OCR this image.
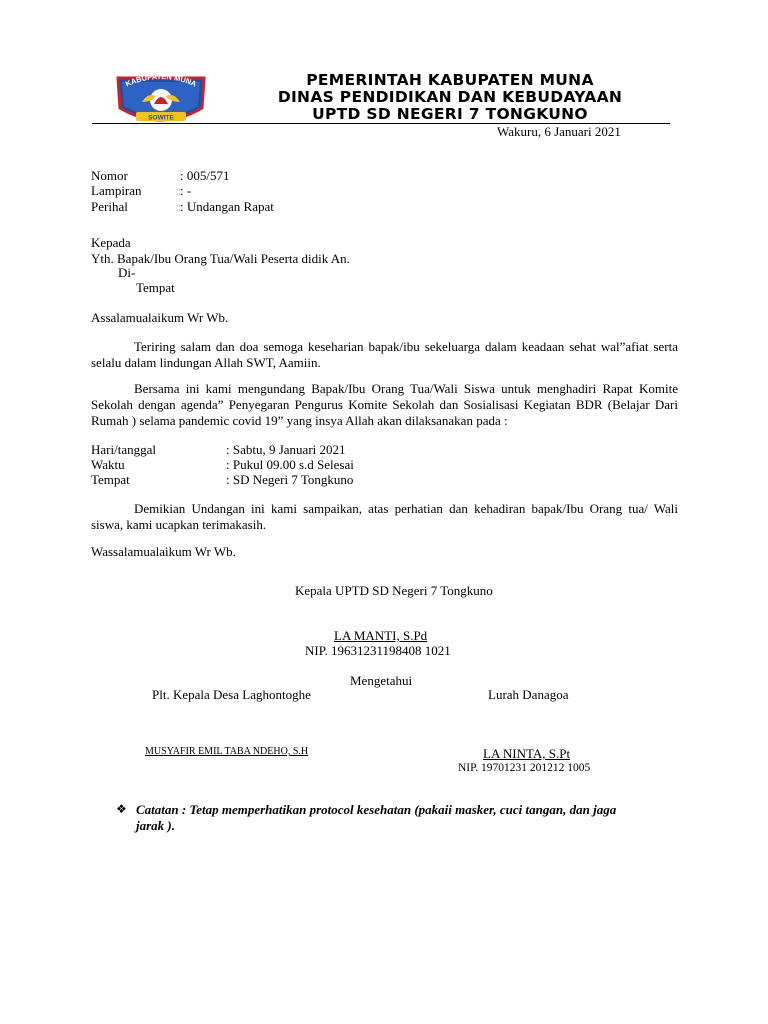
KABUPATEN MUNA
SOWITE
PEMERINTAH KABUPATEN MUNA
DINAS PENDIDIKAN DAN KEBUDAYAAN
UPTD SD NEGERI 7 TONGKUNO
Wakuru, 6 Januari 2021
Nomor	: 005/571
Lampiran	: -
Perihal	: Undangan Rapat
Kepada
Yth. Bapak/Ibu Orang Tua/Wali Peserta didik An.
Di-
Tempat
Assalamualaikum Wr Wb.
Teriring salam dan doa semoga keseharian bapak/ibu sekeluarga dalam keadaan sehat wal”afiat serta selalu dalam lindungan Allah SWT, Aamiin.
Bersama ini kami mengundang Bapak/Ibu Orang Tua/Wali Siswa untuk menghadiri Rapat Komite Sekolah dengan agenda” Penyegaran Pengurus Komite Sekolah dan Sosialisasi Kegiatan BDR (Belajar Dari Rumah ) selama pandemic covid 19” yang insya Allah akan dilaksanakan pada :
Hari/tanggal	: Sabtu, 9 Januari 2021
Waktu	: Pukul 09.00 s.d Selesai
Tempat	: SD Negeri 7 Tongkuno
Demikian Undangan ini kami sampaikan, atas perhatian dan kehadiran bapak/Ibu Orang tua/ Wali siswa, kami ucapkan terimakasih.
Wassalamualaikum Wr Wb.
Kepala UPTD SD Negeri 7 Tongkuno
LA MANTI, S.Pd
NIP. 19631231198408 1021
Mengetahui
Plt. Kepala Desa Laghontoghe	Lurah Danagoa
MUSYAFIR EMIL TABA NDEHO, S.H	LA NINTA, S.Pt
NIP. 19701231 201212 1005
❖ Catatan : Tetap memperhatikan protocol kesehatan (pakaii masker, cuci tangan, dan jaga
jarak ).
